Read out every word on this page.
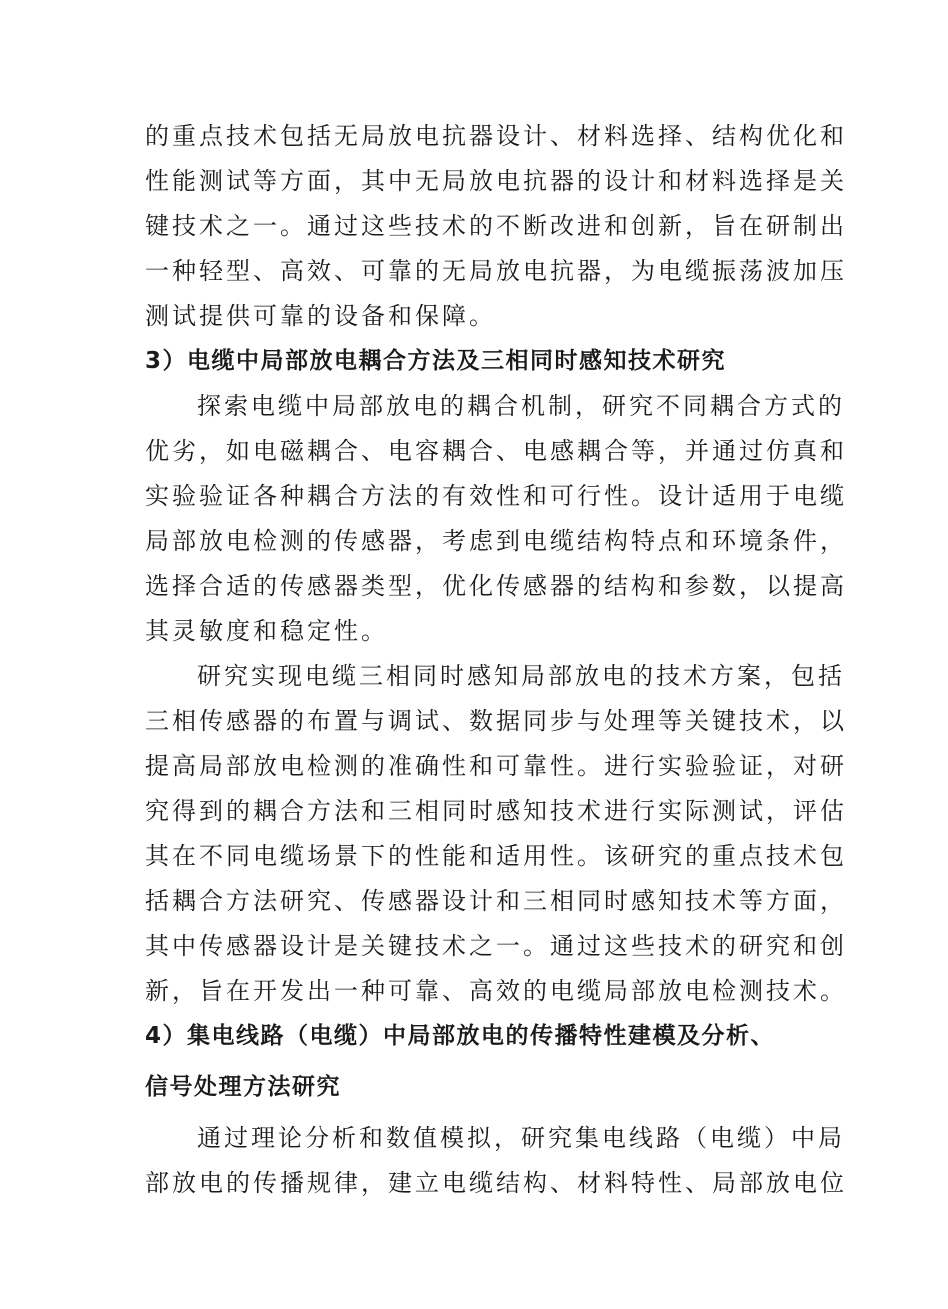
的重点技术包括无局放电抗器设计、材料选择、结构优化和
性能测试等方面，其中无局放电抗器的设计和材料选择是关
键技术之一。通过这些技术的不断改进和创新，旨在研制出
一种轻型、高效、可靠的无局放电抗器，为电缆振荡波加压
测试提供可靠的设备和保障。
3）电缆中局部放电耦合方法及三相同时感知技术研究
探索电缆中局部放电的耦合机制，研究不同耦合方式的
优劣，如电磁耦合、电容耦合、电感耦合等，并通过仿真和
实验验证各种耦合方法的有效性和可行性。设计适用于电缆
局部放电检测的传感器，考虑到电缆结构特点和环境条件，
选择合适的传感器类型，优化传感器的结构和参数，以提高
其灵敏度和稳定性。
研究实现电缆三相同时感知局部放电的技术方案，包括
三相传感器的布置与调试、数据同步与处理等关键技术，以
提高局部放电检测的准确性和可靠性。进行实验验证，对研
究得到的耦合方法和三相同时感知技术进行实际测试，评估
其在不同电缆场景下的性能和适用性。该研究的重点技术包
括耦合方法研究、传感器设计和三相同时感知技术等方面，
其中传感器设计是关键技术之一。通过这些技术的研究和创
新，旨在开发出一种可靠、高效的电缆局部放电检测技术。
4）集电线路（电缆）中局部放电的传播特性建模及分析、
信号处理方法研究
通过理论分析和数值模拟，研究集电线路（电缆）中局
部放电的传播规律，建立电缆结构、材料特性、局部放电位
